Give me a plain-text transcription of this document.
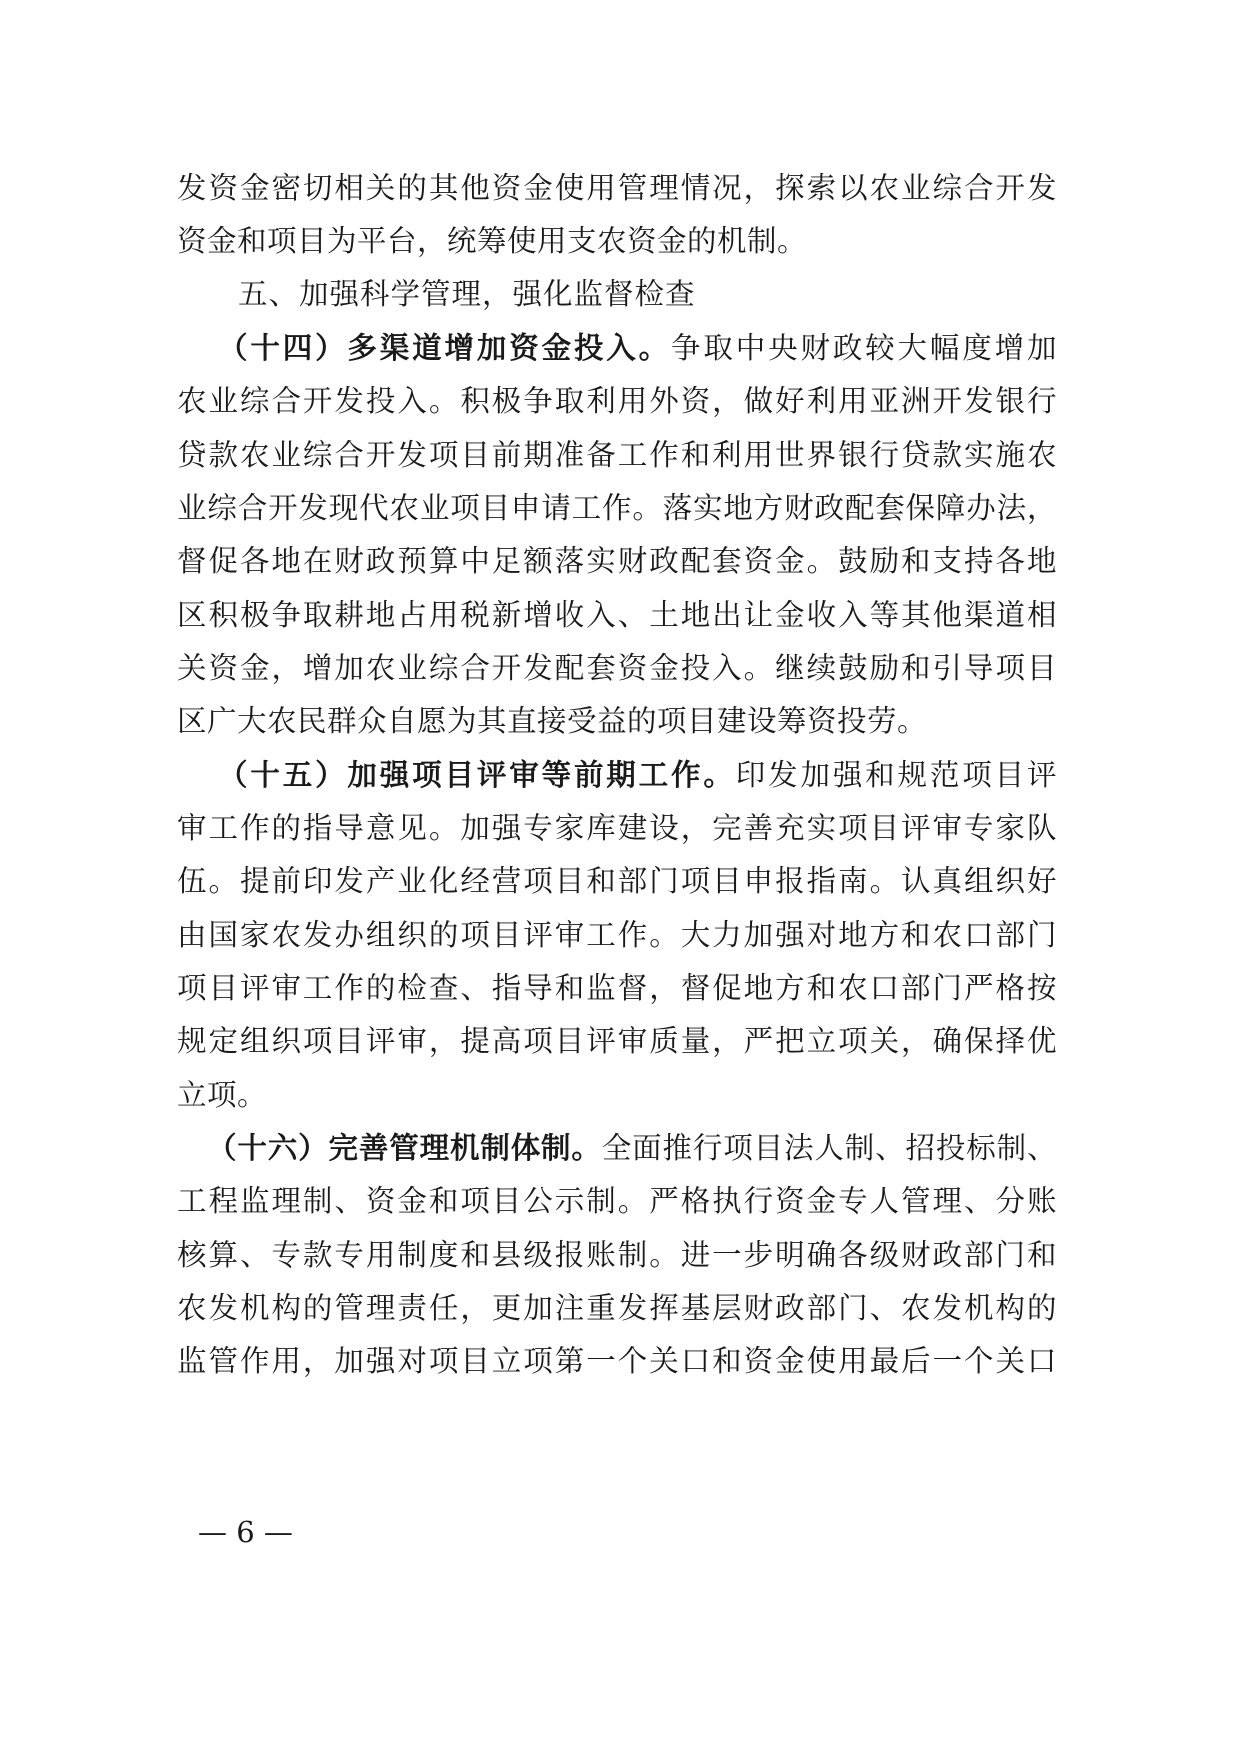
发资金密切相关的其他资金使用管理情况，探索以农业综合开发
资金和项目为平台，统筹使用支农资金的机制。
五、加强科学管理，强化监督检查
（十四）多渠道增加资金投入。争取中央财政较大幅度增加
农业综合开发投入。积极争取利用外资，做好利用亚洲开发银行
贷款农业综合开发项目前期准备工作和利用世界银行贷款实施农
业综合开发现代农业项目申请工作。落实地方财政配套保障办法，
督促各地在财政预算中足额落实财政配套资金。鼓励和支持各地
区积极争取耕地占用税新增收入、土地出让金收入等其他渠道相
关资金，增加农业综合开发配套资金投入。继续鼓励和引导项目
区广大农民群众自愿为其直接受益的项目建设筹资投劳。
（十五）加强项目评审等前期工作。印发加强和规范项目评
审工作的指导意见。加强专家库建设，完善充实项目评审专家队
伍。提前印发产业化经营项目和部门项目申报指南。认真组织好
由国家农发办组织的项目评审工作。大力加强对地方和农口部门
项目评审工作的检查、指导和监督，督促地方和农口部门严格按
规定组织项目评审，提高项目评审质量，严把立项关，确保择优
立项。
（十六）完善管理机制体制。全面推行项目法人制、招投标制、
工程监理制、资金和项目公示制。严格执行资金专人管理、分账
核算、专款专用制度和县级报账制。进一步明确各级财政部门和
农发机构的管理责任，更加注重发挥基层财政部门、农发机构的
监管作用，加强对项目立项第一个关口和资金使用最后一个关口
— 6 —
